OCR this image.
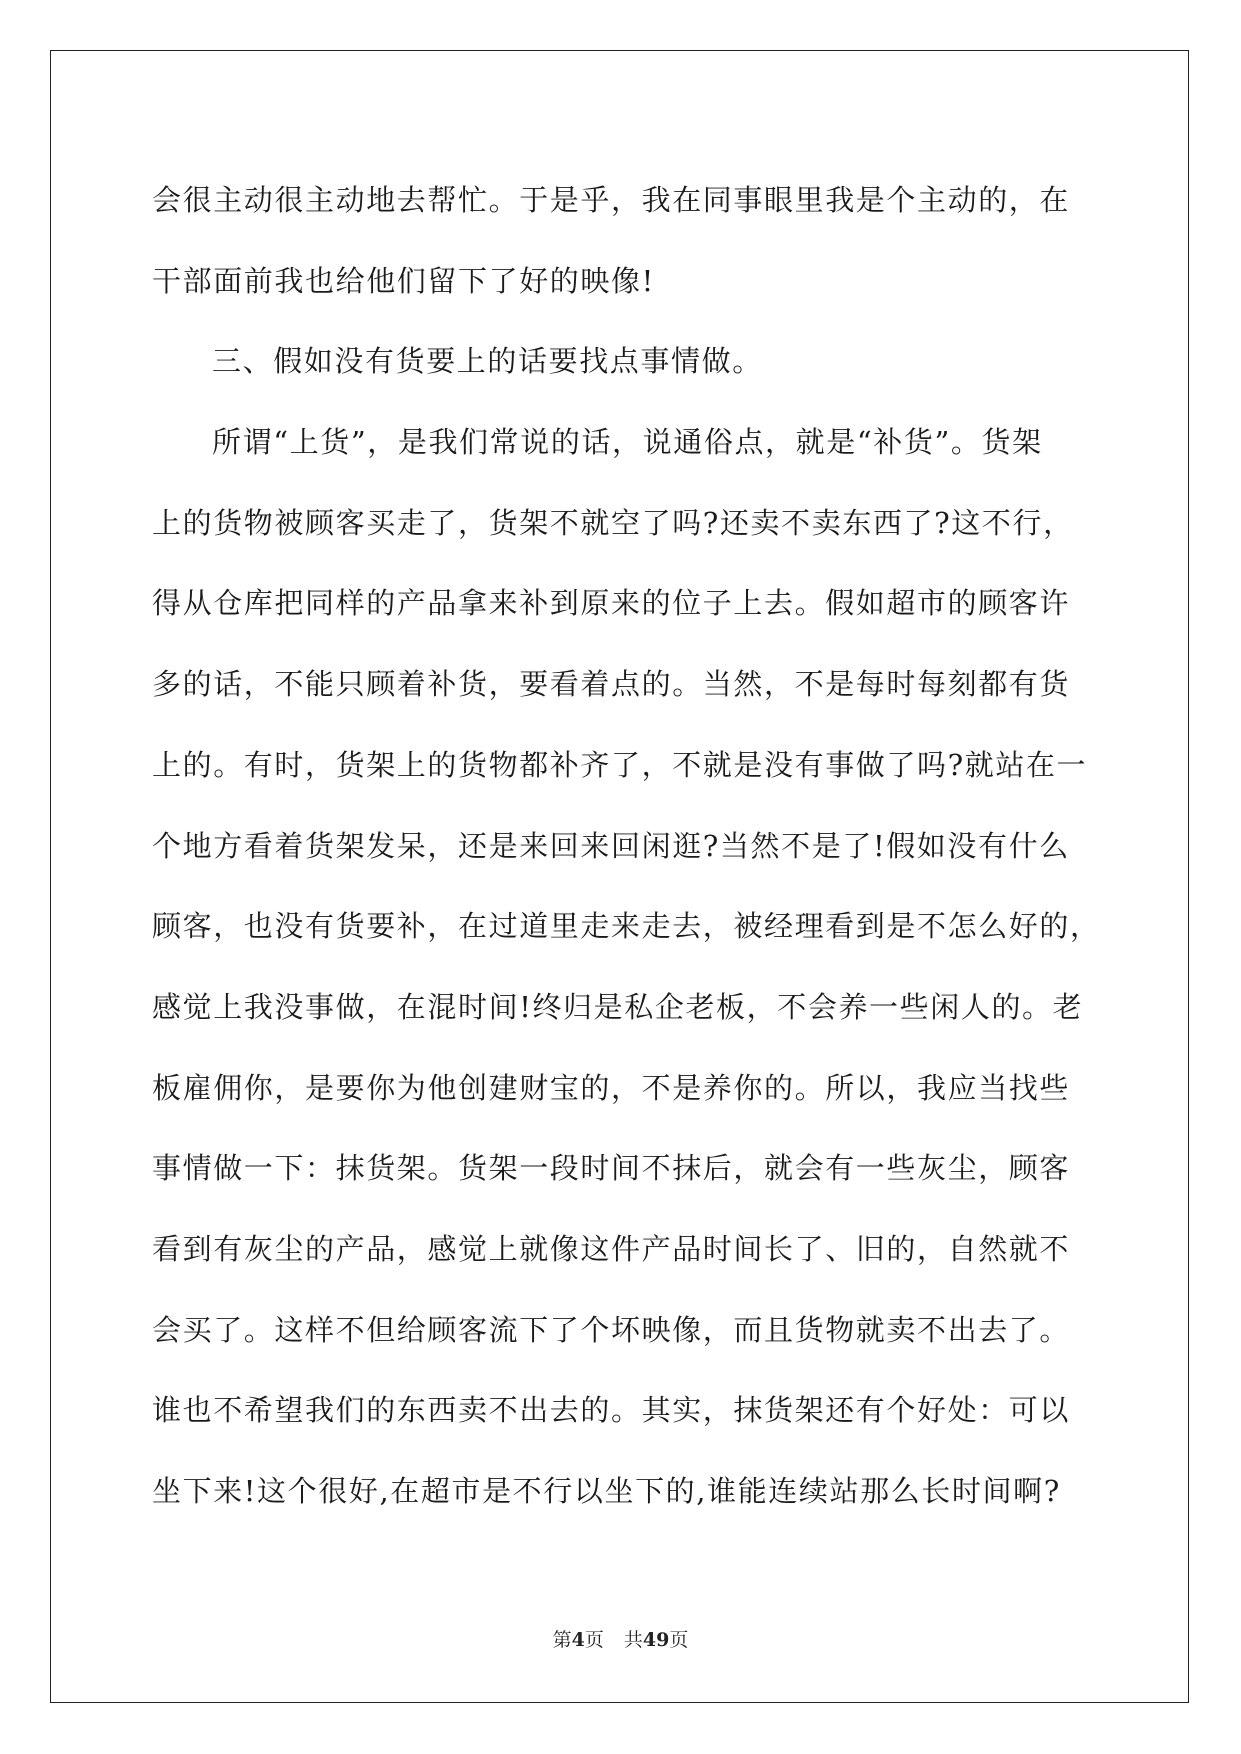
会很主动很主动地去帮忙。于是乎，我在同事眼里我是个主动的，在
干部面前我也给他们留下了好的映像!
三、假如没有货要上的话要找点事情做。
所谓“上货”，是我们常说的话，说通俗点，就是“补货”。货架
上的货物被顾客买走了，货架不就空了吗?还卖不卖东西了?这不行，
得从仓库把同样的产品拿来补到原来的位子上去。假如超市的顾客许
多的话，不能只顾着补货，要看着点的。当然，不是每时每刻都有货
上的。有时，货架上的货物都补齐了，不就是没有事做了吗?就站在一
个地方看着货架发呆，还是来回来回闲逛?当然不是了!假如没有什么
顾客，也没有货要补，在过道里走来走去，被经理看到是不怎么好的，
感觉上我没事做，在混时间!终归是私企老板，不会养一些闲人的。老
板雇佣你，是要你为他创建财宝的，不是养你的。所以，我应当找些
事情做一下：抹货架。货架一段时间不抹后，就会有一些灰尘，顾客
看到有灰尘的产品，感觉上就像这件产品时间长了、旧的，自然就不
会买了。这样不但给顾客流下了个坏映像，而且货物就卖不出去了。
谁也不希望我们的东西卖不出去的。其实，抹货架还有个好处：可以
坐下来!这个很好,在超市是不行以坐下的,谁能连续站那么长时间啊?
第4页 共49页
